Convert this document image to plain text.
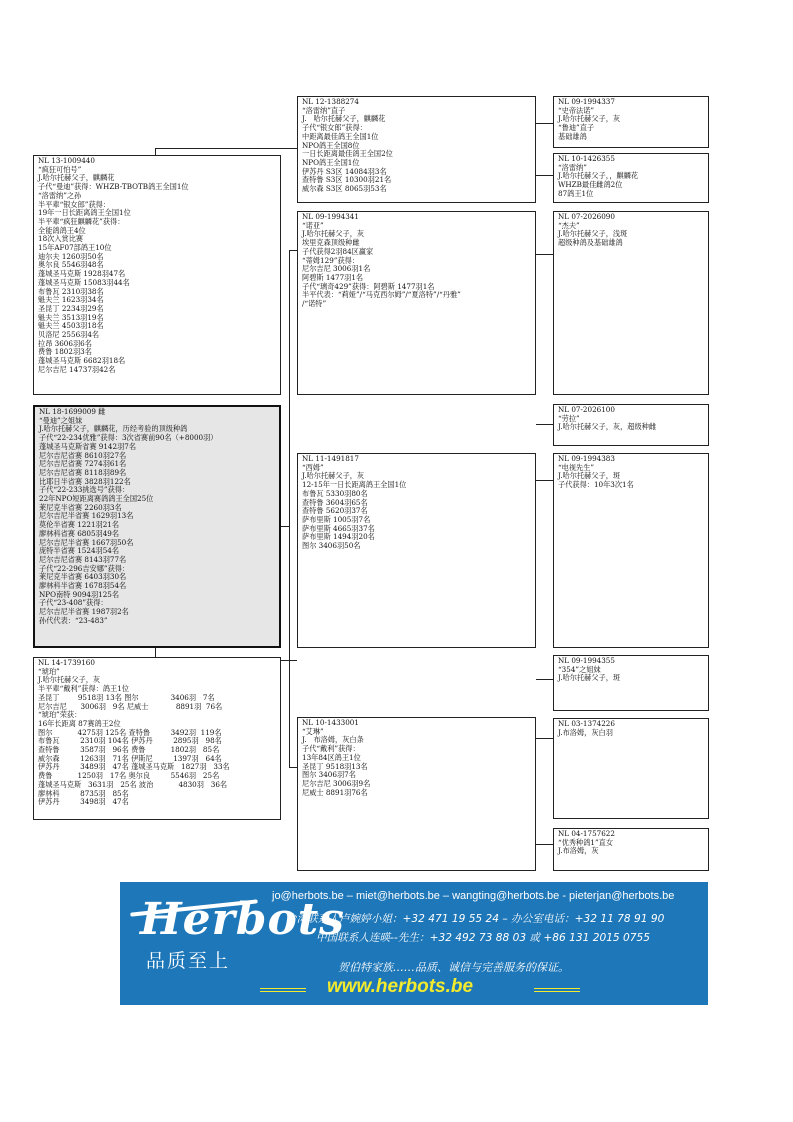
NL 13-1009440
“疯狂可怕号”
J.哈尔托赫父子，麒麟花
子代“曼迪”获得：WHZB-TBOTB鸽王全国1位
“洛雷纳”之孙
半平辈“银女郎”获得：
19年一日长距离鸽王全国1位
半平辈“疯狂麒麟花”获得：
全能鸽鸽王4位
18次入赏比赛
15年AF07部鸽王10位
迪尔夫 1260羽50名
奥尔良 5546羽48名
蓬城圣马克斯 1928羽47名
蓬城圣马克斯 15083羽44名
布鲁瓦 2310羽38名
魁夫兰 1623羽34名
圣昆丁 2234羽29名
魁夫兰 3513羽19名
魁夫兰 4503羽18名
贝洛尼 2556羽4名
拉昂 3606羽6名
费鲁 1802羽3名
蓬城圣马克斯 6682羽18名
尼尔吉尼 14737羽42名
NL 18-1699009 雌
“曼迪”之姐妹
J.哈尔托赫父子，麒麟花，历经考验的顶级种鸽
子代“22-234优雅”获得：3次省赛前90名（+8000羽）
蓬城圣马克斯省赛 9142羽7名
尼尔吉尼省赛 8610羽27名
尼尔吉尼省赛 7274羽61名
尼尔吉尼省赛 8118羽89名
比耶日半省赛 3828羽122名
子代“22-233挑选号”获得：
22年NPO短距离赛鸽鸽王全国25位
莱尼克半省赛 2260羽3名
尼尔吉尼半省赛 1629羽13名
莫伦半省赛 1221羽21名
廖林科省赛 6805羽49名
尼尔吉尼半省赛 1667羽50名
庞特半省赛 1524羽54名
尼尔吉尼省赛 8143羽77名
子代“22-296吉安娜”获得：
莱尼克半省赛 6403羽30名
廖林科半省赛 1678羽54名
NPO南特 9094羽125名
子代“23-408”获得：
尼尔吉尼半省赛 1987羽2名
孙代代表：“23-483”
NL 14-1739160
“琥珀”
J.哈尔托赫父子，灰
半平辈“戴利”获得：鸽王1位
圣昆丁        9518羽 13名 图尔              3406羽   7名
尼尔吉尼      3006羽   9名 尼威士            8891羽  76名
“琥珀”荣获：
16年长距离 87赛鸽王2位
图尔           4275羽 125名 查特鲁         3492羽  119名
布鲁瓦         2310羽 104名 伊苏丹         2895羽   98名
查特鲁         3587羽   96名 费鲁           1802羽   85名
威尔森         1263羽   71名 伊斯尼         1397羽   64名
伊苏丹         3489羽   47名 蓬城圣马克斯   1827羽   33名
费鲁           1250羽   17名 奥尔良         5546羽   25名
蓬城圣马克斯   3631羽   25名 波治           4830羽   36名
廖林科         8735羽   85名
伊苏丹         3498羽   47名
NL 12-1388274
“洛雷纳”直子
J.   哈尔托赫父子，麒麟花
子代“银女郎”获得：
中距离最佳鸽王全国1位
NPO鸽王全国8位
一日长距离最佳鸽王全国2位
NPO鸽王全国1位
伊苏丹 S3区 14084羽3名
查特鲁 S3区 10300羽21名
威尔森 S3区 8065羽53名
NL 09-1994341
“诺亚”
J.哈尔托赫父子，灰
埃里克森顶级种雌
子代获得2羽84区赢家
“蒂姆129”获得：
尼尔吉尼 3006羽1名
阿碧斯 1477羽1名
子代“璃奇429”获得：阿碧斯 1477羽1名
半平代表：“莉娅”/“马克西尔姆”/“夏洛特”/“丹雅”
/“诺特”
NL 11-1491817
“西姆”
J.哈尔托赫父子，灰
12-15年一日长距离鸽王全国1位
布鲁瓦 5330羽80名
查特鲁 3604羽65名
查特鲁 5620羽37名
萨布里斯 1005羽7名
萨布里斯 4665羽37名
萨布里斯 1494羽20名
图尔 3406羽50名
NL 10-1433001
“艾琳”
J.   布洛姆，灰白条
子代“戴利”获得：
13年84区鸽王1位
圣昆丁 9518羽13名
图尔 3406羽7名
尼尔吉尼 3006羽9名
尼威士 8891羽76名
NL 09-1994337
“史帝法诺”
J.哈尔托赫父子，灰
“鲁迪”直子
基础雄鸽
NL 10-1426355
“洛雷纳”
J.哈尔托赫父子，，麒麟花
WHZB最佳雌鸽2位
87鸽王1位
NL 07-2026090
“杰夫”
J.哈尔托赫父子，浅斑
超级种鸽及基础雄鸽
NL 07-2026100
“劳拉”
J.哈尔托赫父子，灰，超级种雌
NL 09-1994383
“电视先生”
J.哈尔托赫父子，斑
子代获得：10年3次1名
NL 09-1994355
“354”之姐妹
J.哈尔托赫父子，斑
NL 03-1374226
J.布洛姆，灰白羽
NL 04-1757622
“优秀种鸽1”直女
J.布洛姆，灰
Herbots
品质至上
jo@herbots.be – miet@herbots.be – wangting@herbots.be - pieterjan@herbots.be
台湾联系人卢婉婷小姐：+32 471 19 55 24 – 办公室电话：+32 11 78 91 90
中国联系人连暎--先生：+32 492 73 88 03 或 +86 131 2015 0755
贺伯特家族……品质、诚信与完善服务的保证。
www.herbots.be
